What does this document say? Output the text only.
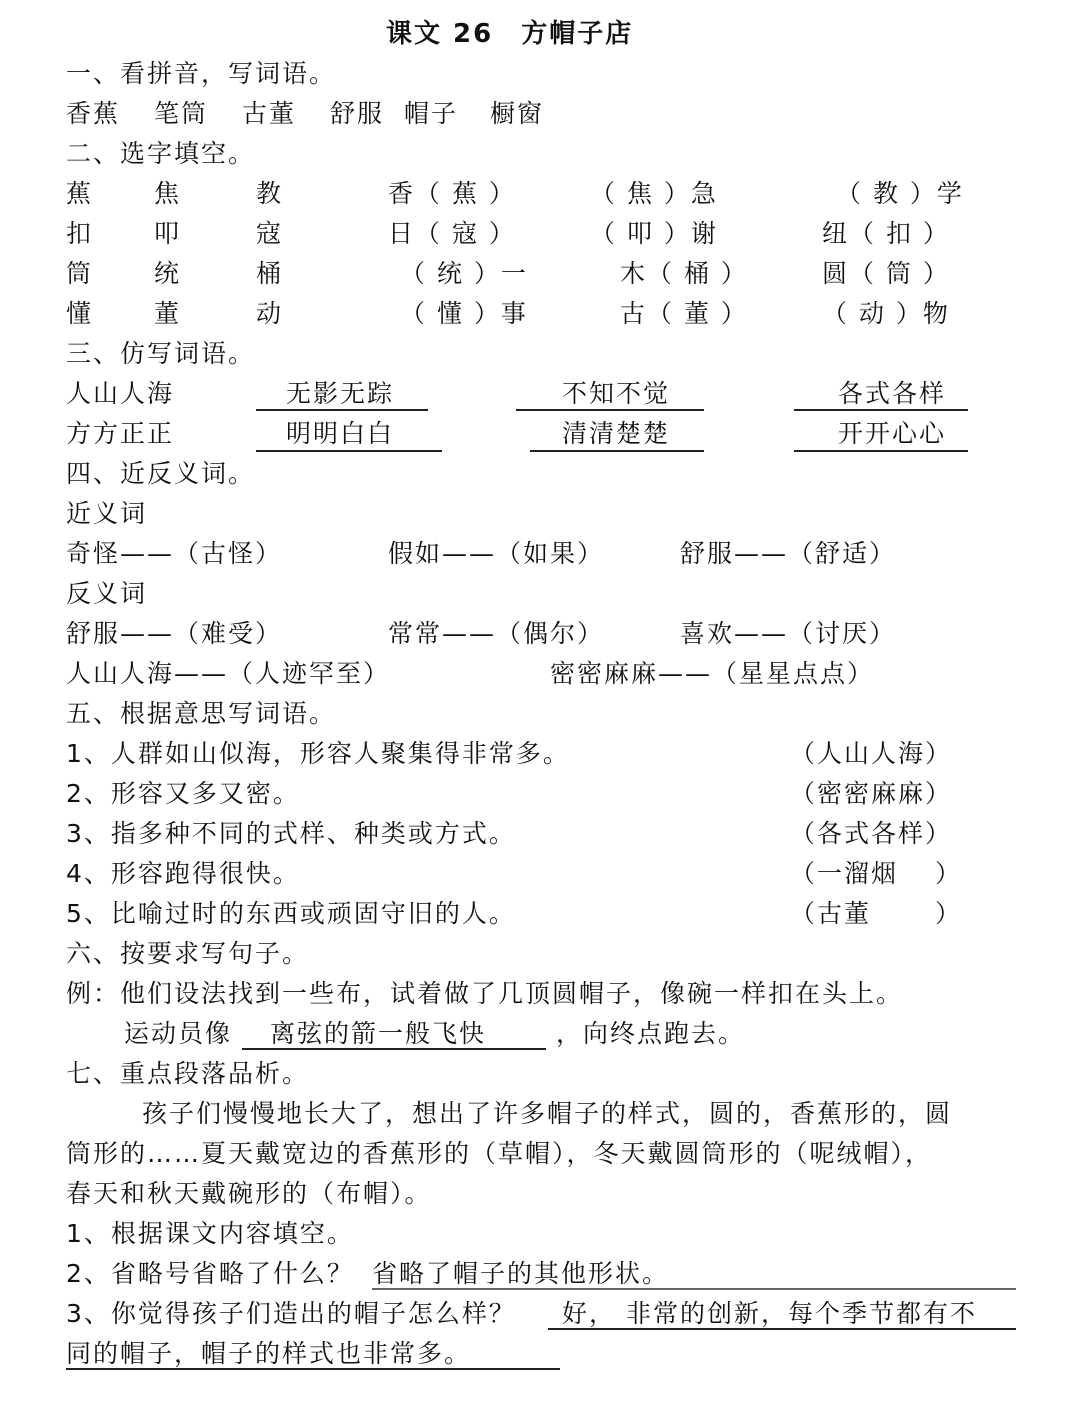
课文 26　方帽子店
一、看拼音，写词语。
香蕉 笔筒 古董 舒服 帽子 橱窗
二、选字填空。
蕉 焦	教	香（ 蕉 ）	（ 焦 ）急	（ 教 ）学
扣 叩	寇	日（ 寇 ）	（ 叩 ）谢	纽（ 扣 ）
筒 统	桶	（ 统 ）一	木（ 桶 ）	圆（ 筒 ）
懂 董	动	（ 懂 ）事	古（ 董 ）	（ 动 ）物
三、仿写词语。
人山人海	无影无踪	不知不觉	各式各样
方方正正	明明白白	清清楚楚	开开心心
四、近反义词。
近义词
奇怪——（古怪）	假如——（如果）	舒服——（舒适）
反义词
舒服——（难受）	常常——（偶尔）	喜欢——（讨厌）
人山人海——（人迹罕至）	密密麻麻——（星星点点）
五、根据意思写词语。
1、人群如山似海，形容人聚集得非常多。	（人山人海）
2、形容又多又密。	（密密麻麻）
3、指多种不同的式样、种类或方式。	（各式各样）
4、形容跑得很快。	（一溜烟　 ）
5、比喻过时的东西或顽固守旧的人。	（古董　　 ）
六、按要求写句子。
例：他们设法找到一些布，试着做了几顶圆帽子，像碗一样扣在头上。
运动员像 离弦的箭一般飞快	，向终点跑去。
七、重点段落品析。
孩子们慢慢地长大了，想出了许多帽子的样式，圆的，香蕉形的，圆
筒形的……夏天戴宽边的香蕉形的（草帽），冬天戴圆筒形的（呢绒帽），
春天和秋天戴碗形的（布帽）。
1、根据课文内容填空。
2、省略号省略了什么？ 省略了帽子的其他形状。
3、你觉得孩子们造出的帽子怎么样？ 好， 非常的创新，每个季节都有不
同的帽子，帽子的样式也非常多。
